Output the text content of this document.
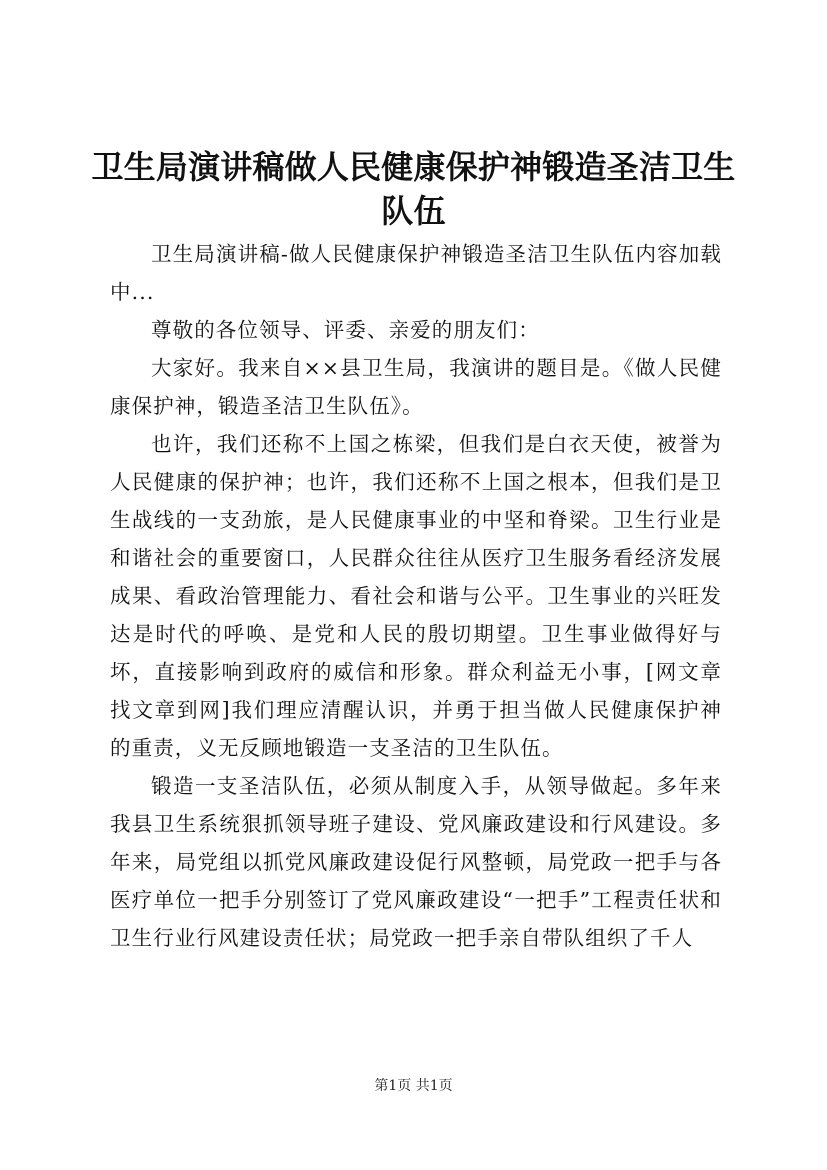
卫生局演讲稿做人民健康保护神锻造圣洁卫生队伍

卫生局演讲稿-做人民健康保护神锻造圣洁卫生队伍内容加载中...

尊敬的各位领导、评委、亲爱的朋友们：

大家好。我来自××县卫生局，我演讲的题目是。《做人民健康保护神，锻造圣洁卫生队伍》。

也许，我们还称不上国之栋梁，但我们是白衣天使，被誉为人民健康的保护神；也许，我们还称不上国之根本，但我们是卫生战线的一支劲旅，是人民健康事业的中坚和脊梁。卫生行业是和谐社会的重要窗口，人民群众往往从医疗卫生服务看经济发展成果、看政治管理能力、看社会和谐与公平。卫生事业的兴旺发达是时代的呼唤、是党和人民的殷切期望。卫生事业做得好与坏，直接影响到政府的威信和形象。群众利益无小事，[网文章找文章到网]我们理应清醒认识，并勇于担当做人民健康保护神的重责，义无反顾地锻造一支圣洁的卫生队伍。

锻造一支圣洁队伍，必须从制度入手，从领导做起。多年来我县卫生系统狠抓领导班子建设、党风廉政建设和行风建设。多年来，局党组以抓党风廉政建设促行风整顿，局党政一把手与各医疗单位一把手分别签订了党风廉政建设“一把手”工程责任状和卫生行业行风建设责任状；局党政一把手亲自带队组织了千人

第1页 共1页
